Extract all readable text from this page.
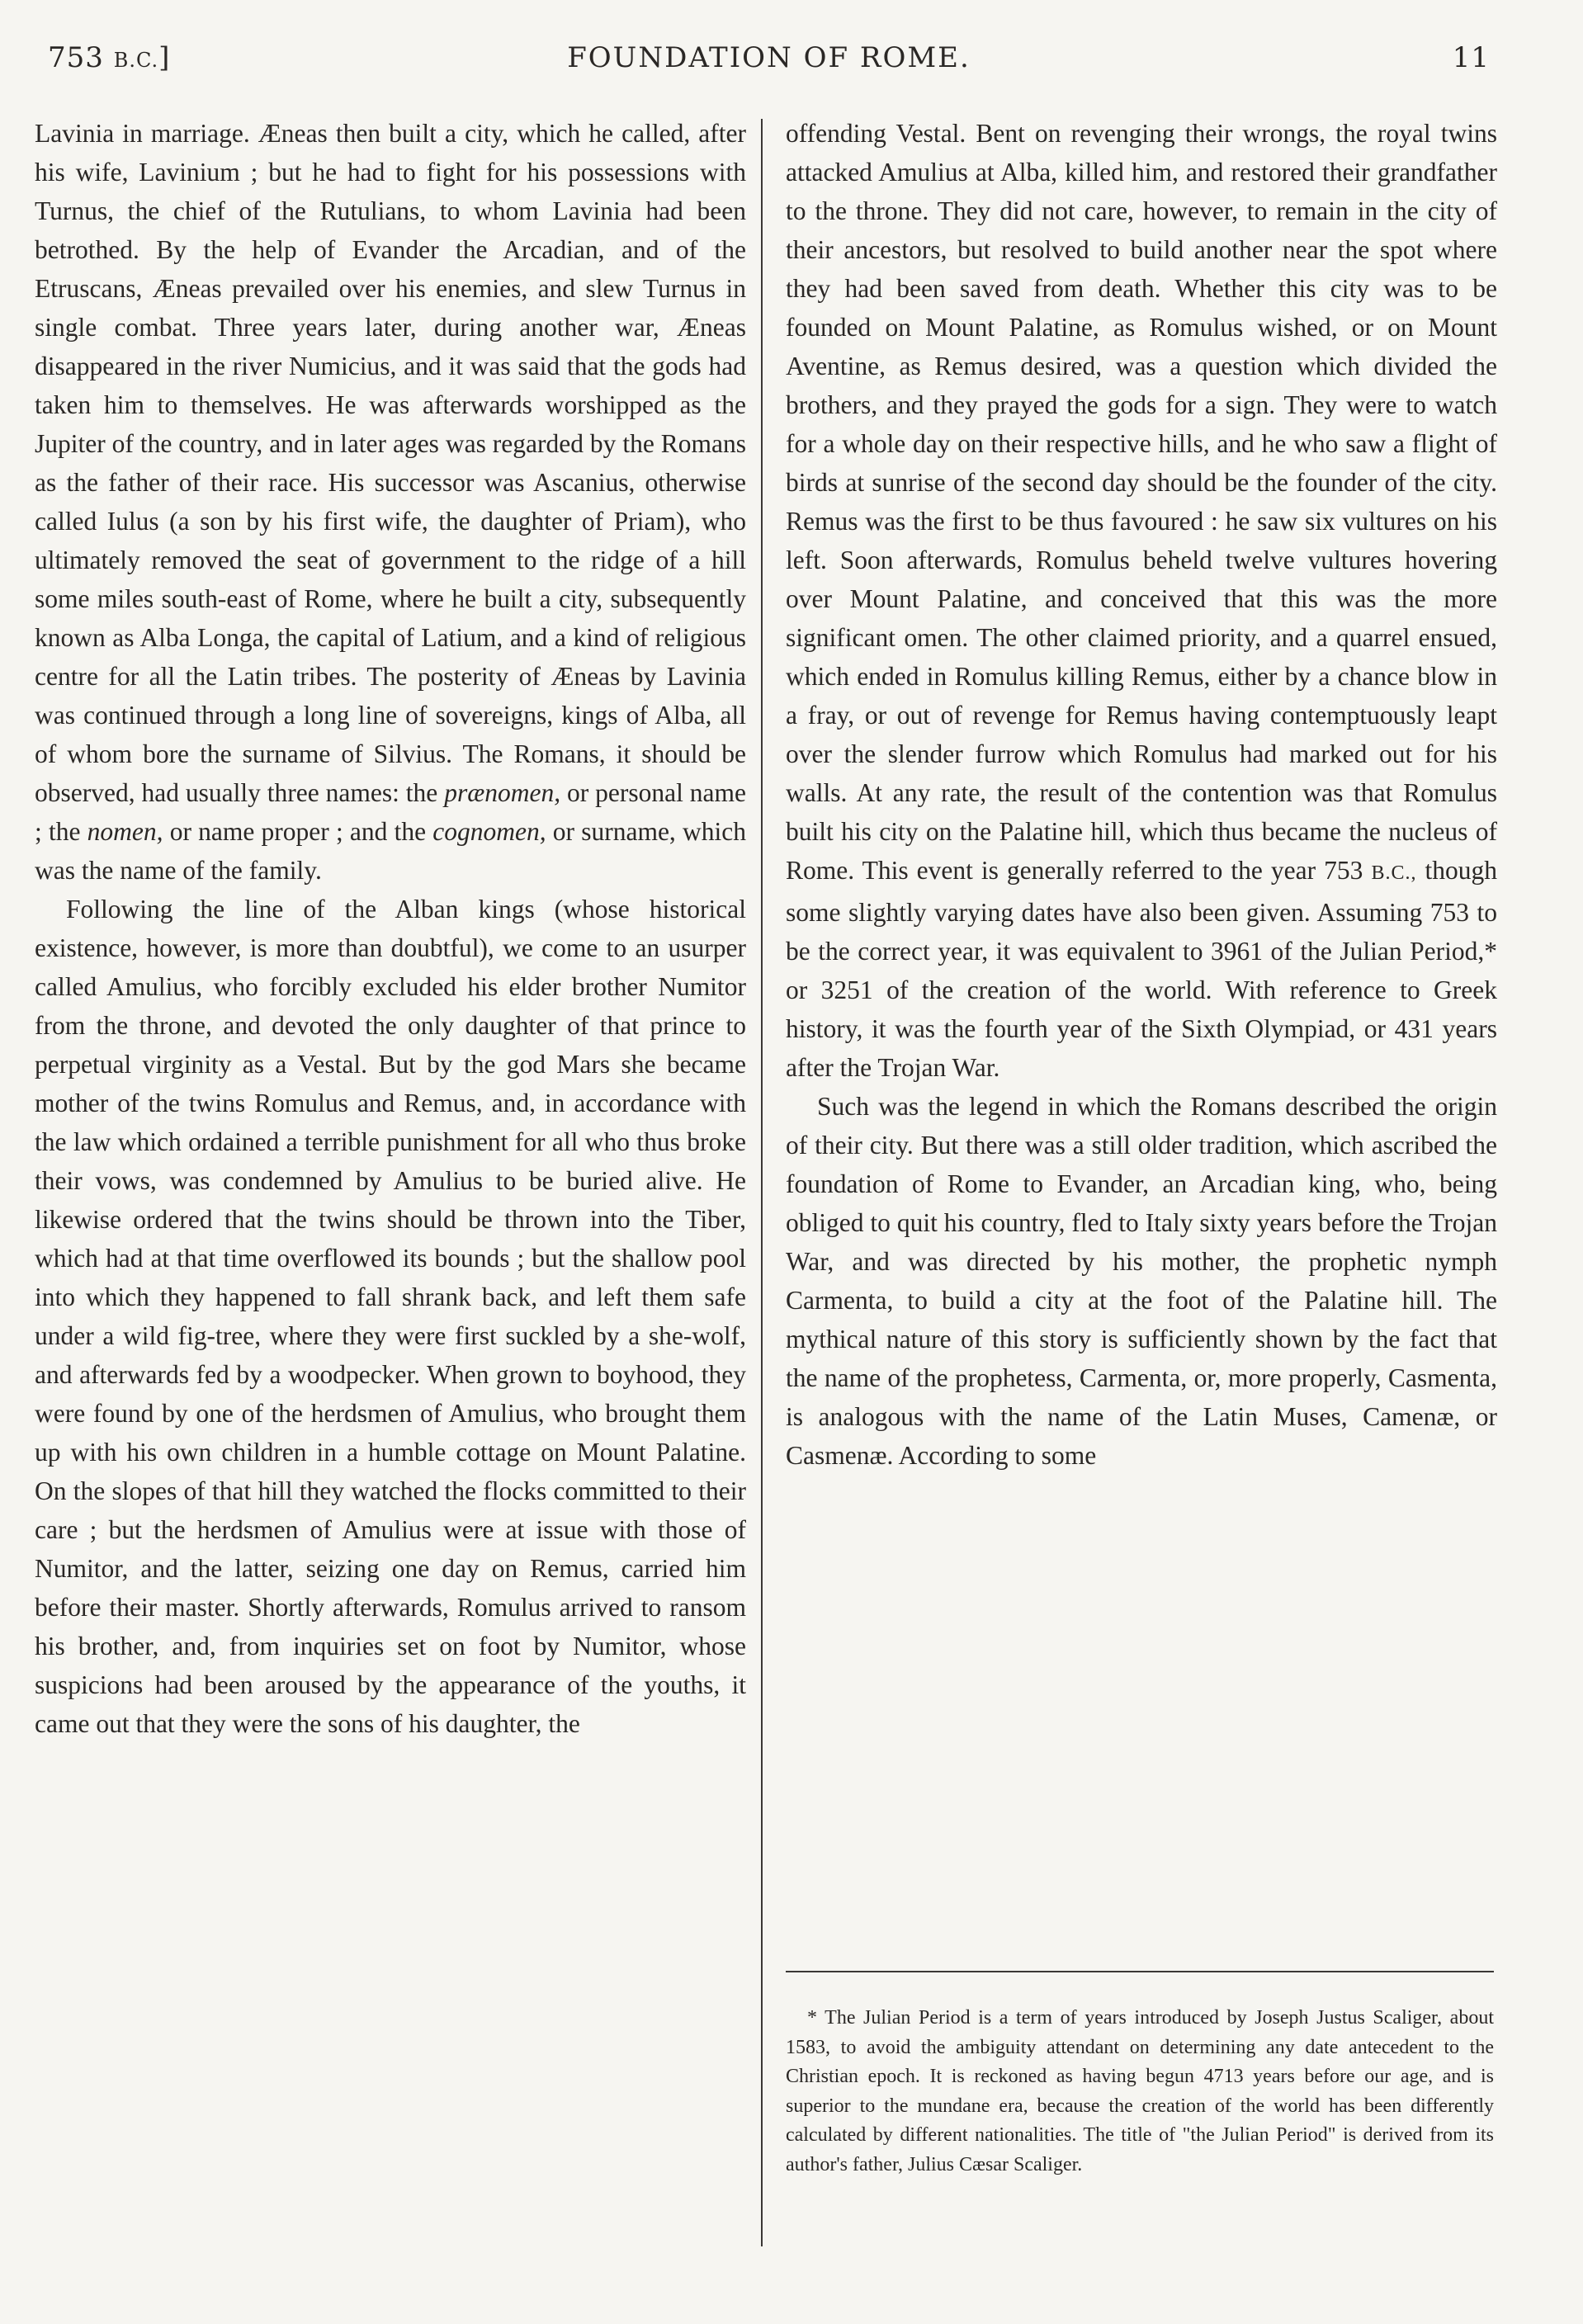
753 B.C.]	FOUNDATION OF ROME.	11

Lavinia in marriage. Æneas then built a city, which he called, after his wife, Lavinium ; but he had to fight for his possessions with Turnus, the chief of the Rutulians, to whom Lavinia had been betrothed. By the help of Evander the Arcadian, and of the Etruscans, Æneas prevailed over his enemies, and slew Turnus in single combat. Three years later, during another war, Æneas disappeared in the river Numicius, and it was said that the gods had taken him to themselves. He was afterwards worshipped as the Jupiter of the country, and in later ages was regarded by the Romans as the father of their race. His successor was Ascanius, otherwise called Iulus (a son by his first wife, the daughter of Priam), who ultimately removed the seat of government to the ridge of a hill some miles south-east of Rome, where he built a city, subsequently known as Alba Longa, the capital of Latium, and a kind of religious centre for all the Latin tribes. The posterity of Æneas by Lavinia was continued through a long line of sovereigns, kings of Alba, all of whom bore the surname of Silvius. The Romans, it should be observed, had usually three names: the prænomen, or personal name ; the nomen, or name proper ; and the cognomen, or surname, which was the name of the family.

Following the line of the Alban kings (whose historical existence, however, is more than doubtful), we come to an usurper called Amulius, who forcibly excluded his elder brother Numitor from the throne, and devoted the only daughter of that prince to perpetual virginity as a Vestal. But by the god Mars she became mother of the twins Romulus and Remus, and, in accordance with the law which ordained a terrible punishment for all who thus broke their vows, was condemned by Amulius to be buried alive. He likewise ordered that the twins should be thrown into the Tiber, which had at that time overflowed its bounds ; but the shallow pool into which they happened to fall shrank back, and left them safe under a wild fig-tree, where they were first suckled by a she-wolf, and afterwards fed by a woodpecker. When grown to boyhood, they were found by one of the herdsmen of Amulius, who brought them up with his own children in a humble cottage on Mount Palatine. On the slopes of that hill they watched the flocks committed to their care ; but the herdsmen of Amulius were at issue with those of Numitor, and the latter, seizing one day on Remus, carried him before their master. Shortly afterwards, Romulus arrived to ransom his brother, and, from inquiries set on foot by Numitor, whose suspicions had been aroused by the appearance of the youths, it came out that they were the sons of his daughter, the

offending Vestal. Bent on revenging their wrongs, the royal twins attacked Amulius at Alba, killed him, and restored their grandfather to the throne. They did not care, however, to remain in the city of their ancestors, but resolved to build another near the spot where they had been saved from death. Whether this city was to be founded on Mount Palatine, as Romulus wished, or on Mount Aventine, as Remus desired, was a question which divided the brothers, and they prayed the gods for a sign. They were to watch for a whole day on their respective hills, and he who saw a flight of birds at sunrise of the second day should be the founder of the city. Remus was the first to be thus favoured : he saw six vultures on his left. Soon afterwards, Romulus beheld twelve vultures hovering over Mount Palatine, and conceived that this was the more significant omen. The other claimed priority, and a quarrel ensued, which ended in Romulus killing Remus, either by a chance blow in a fray, or out of revenge for Remus having contemptuously leapt over the slender furrow which Romulus had marked out for his walls. At any rate, the result of the contention was that Romulus built his city on the Palatine hill, which thus became the nucleus of Rome. This event is generally referred to the year 753 B.C., though some slightly varying dates have also been given. Assuming 753 to be the correct year, it was equivalent to 3961 of the Julian Period,* or 3251 of the creation of the world. With reference to Greek history, it was the fourth year of the Sixth Olympiad, or 431 years after the Trojan War.

Such was the legend in which the Romans described the origin of their city. But there was a still older tradition, which ascribed the foundation of Rome to Evander, an Arcadian king, who, being obliged to quit his country, fled to Italy sixty years before the Trojan War, and was directed by his mother, the prophetic nymph Carmenta, to build a city at the foot of the Palatine hill. The mythical nature of this story is sufficiently shown by the fact that the name of the prophetess, Carmenta, or, more properly, Casmenta, is analogous with the name of the Latin Muses, Camenæ, or Casmenæ. According to some

* The Julian Period is a term of years introduced by Joseph Justus Scaliger, about 1583, to avoid the ambiguity attendant on determining any date antecedent to the Christian epoch. It is reckoned as having begun 4713 years before our age, and is superior to the mundane era, because the creation of the world has been differently calculated by different nationalities. The title of "the Julian Period" is derived from its author's father, Julius Cæsar Scaliger.
